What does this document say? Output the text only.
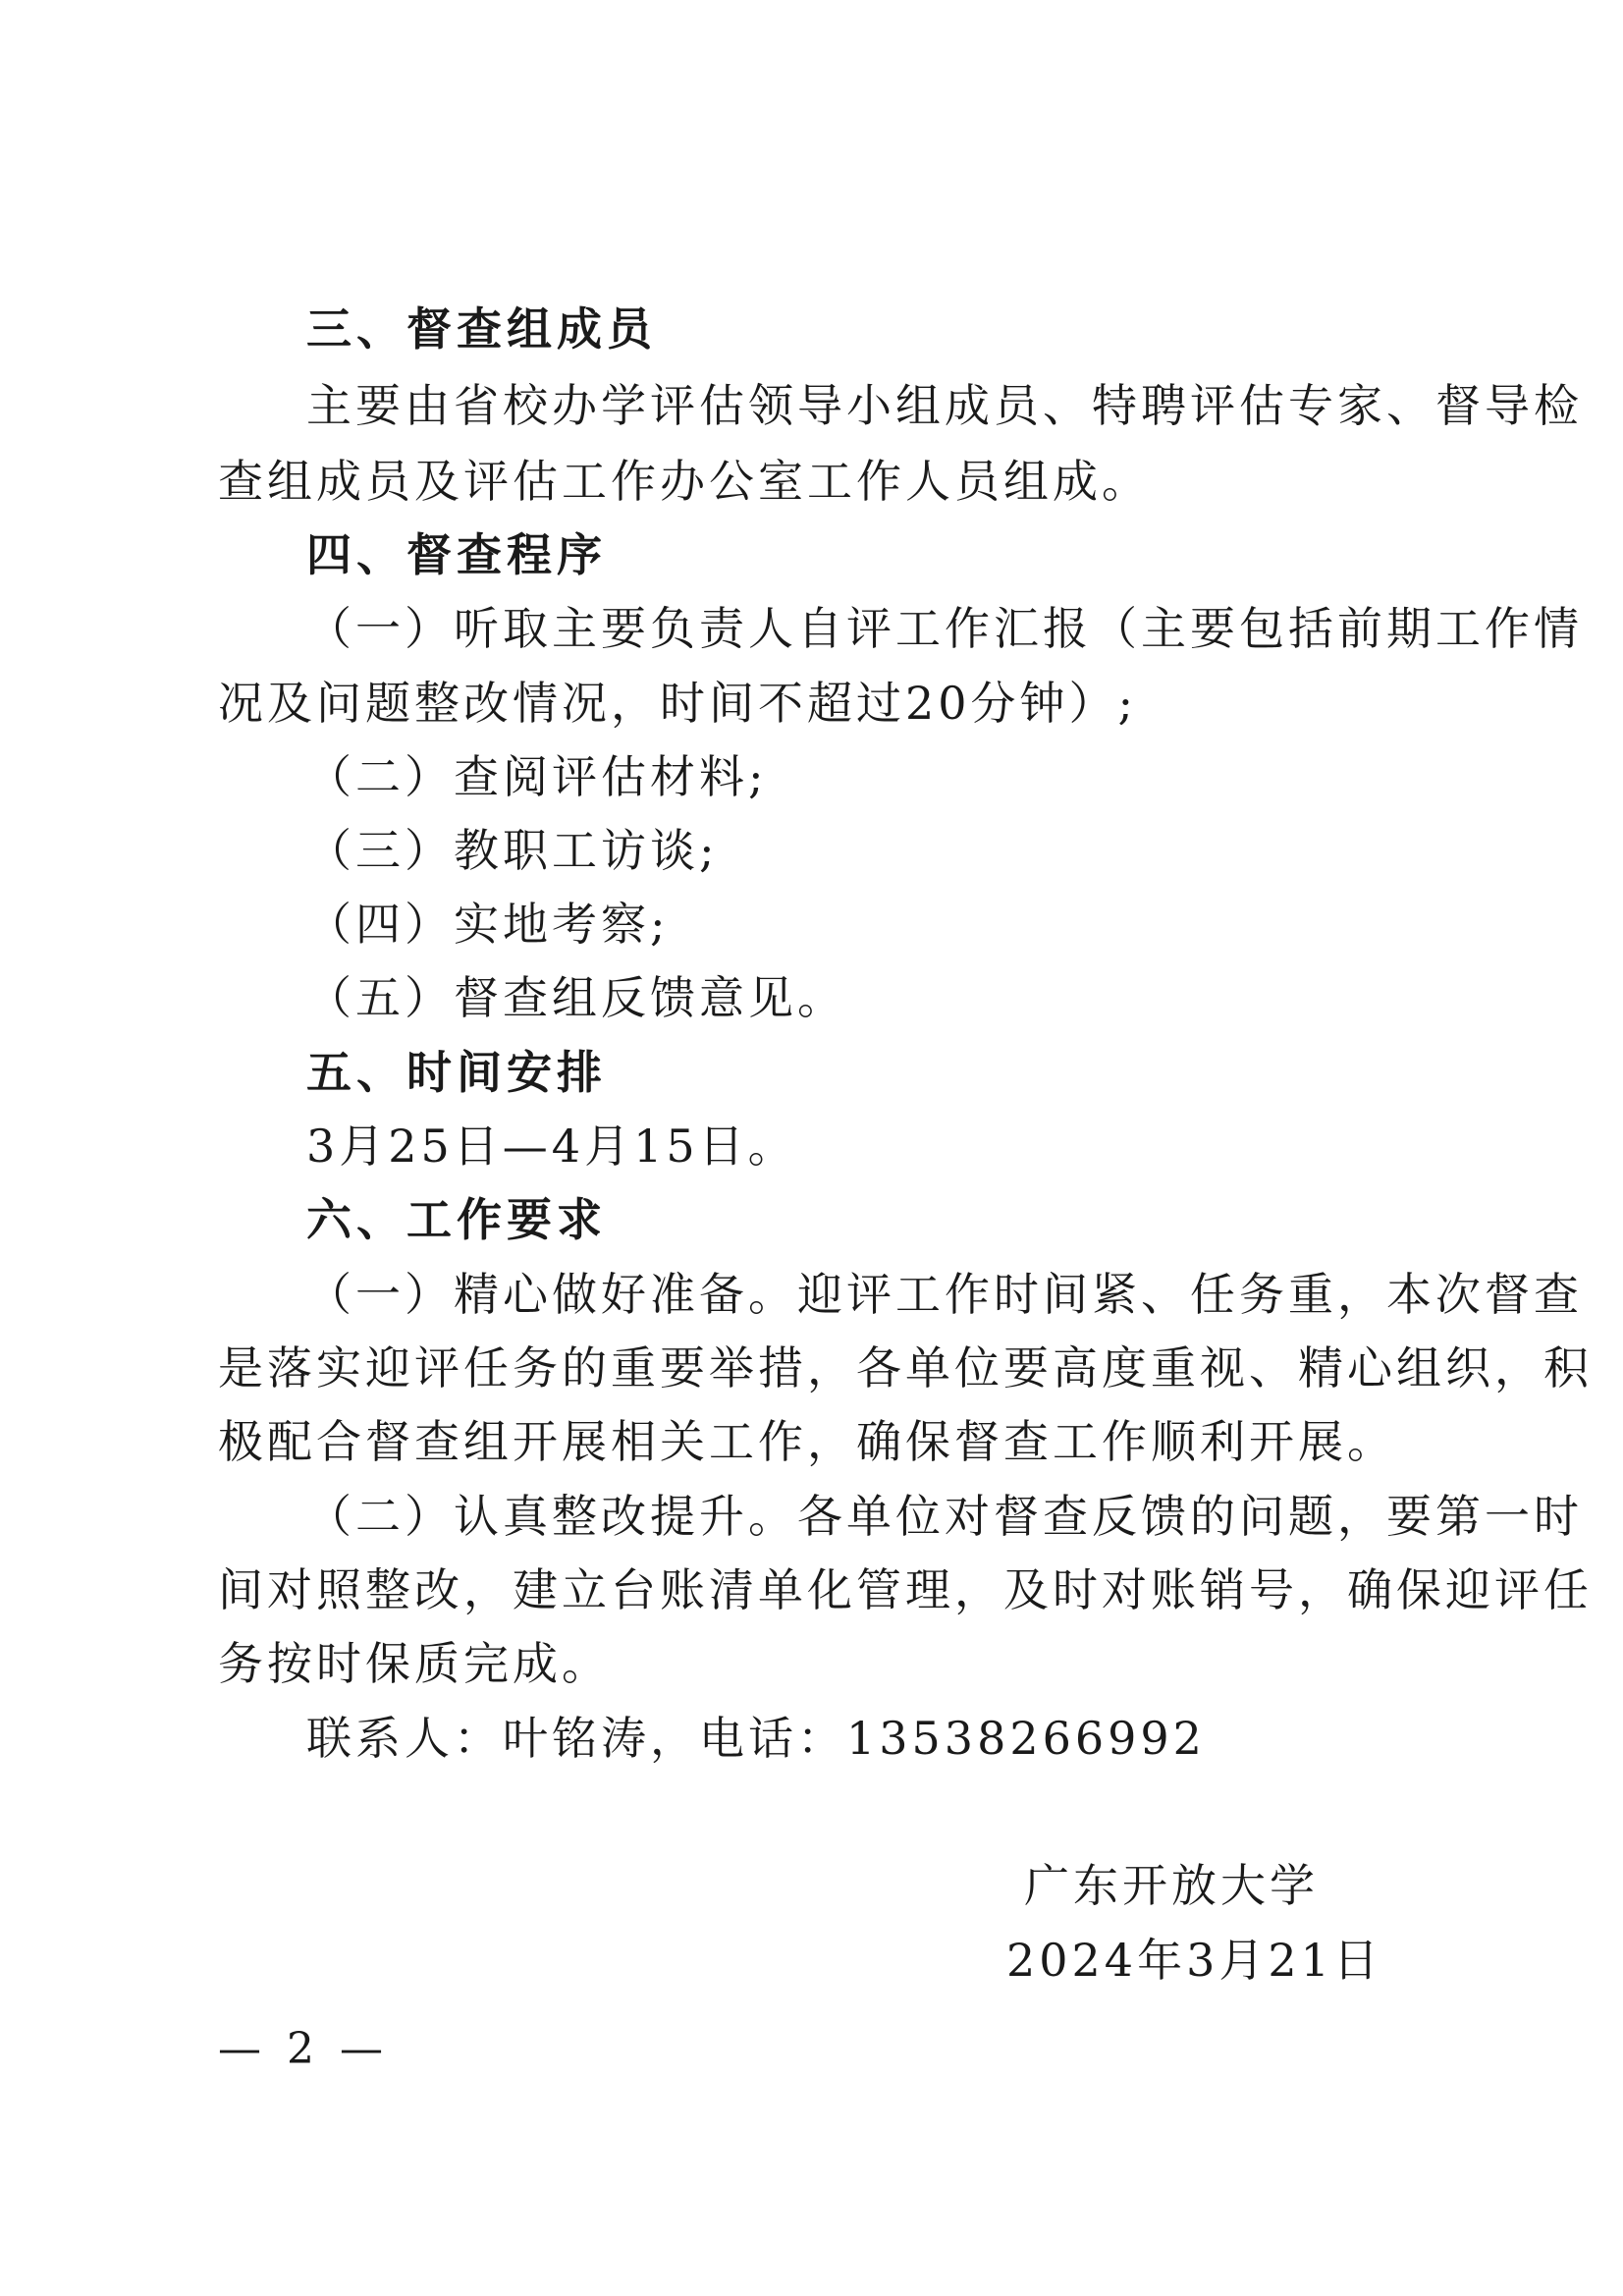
三、督查组成员
主要由省校办学评估领导小组成员、特聘评估专家、督导检
查组成员及评估工作办公室工作人员组成。
四、督查程序
（一）听取主要负责人自评工作汇报（主要包括前期工作情
况及问题整改情况，时间不超过20分钟）;
（二）查阅评估材料;
（三）教职工访谈;
（四）实地考察;
（五）督查组反馈意见。
五、时间安排
3月25日—4月15日。
六、工作要求
（一）精心做好准备。迎评工作时间紧、任务重，本次督查
是落实迎评任务的重要举措，各单位要高度重视、精心组织，积
极配合督查组开展相关工作，确保督查工作顺利开展。
（二）认真整改提升。各单位对督查反馈的问题，要第一时
间对照整改，建立台账清单化管理，及时对账销号，确保迎评任
务按时保质完成。
联系人：叶铭涛，电话：13538266992
广东开放大学
2024年3月21日
— 2 —
